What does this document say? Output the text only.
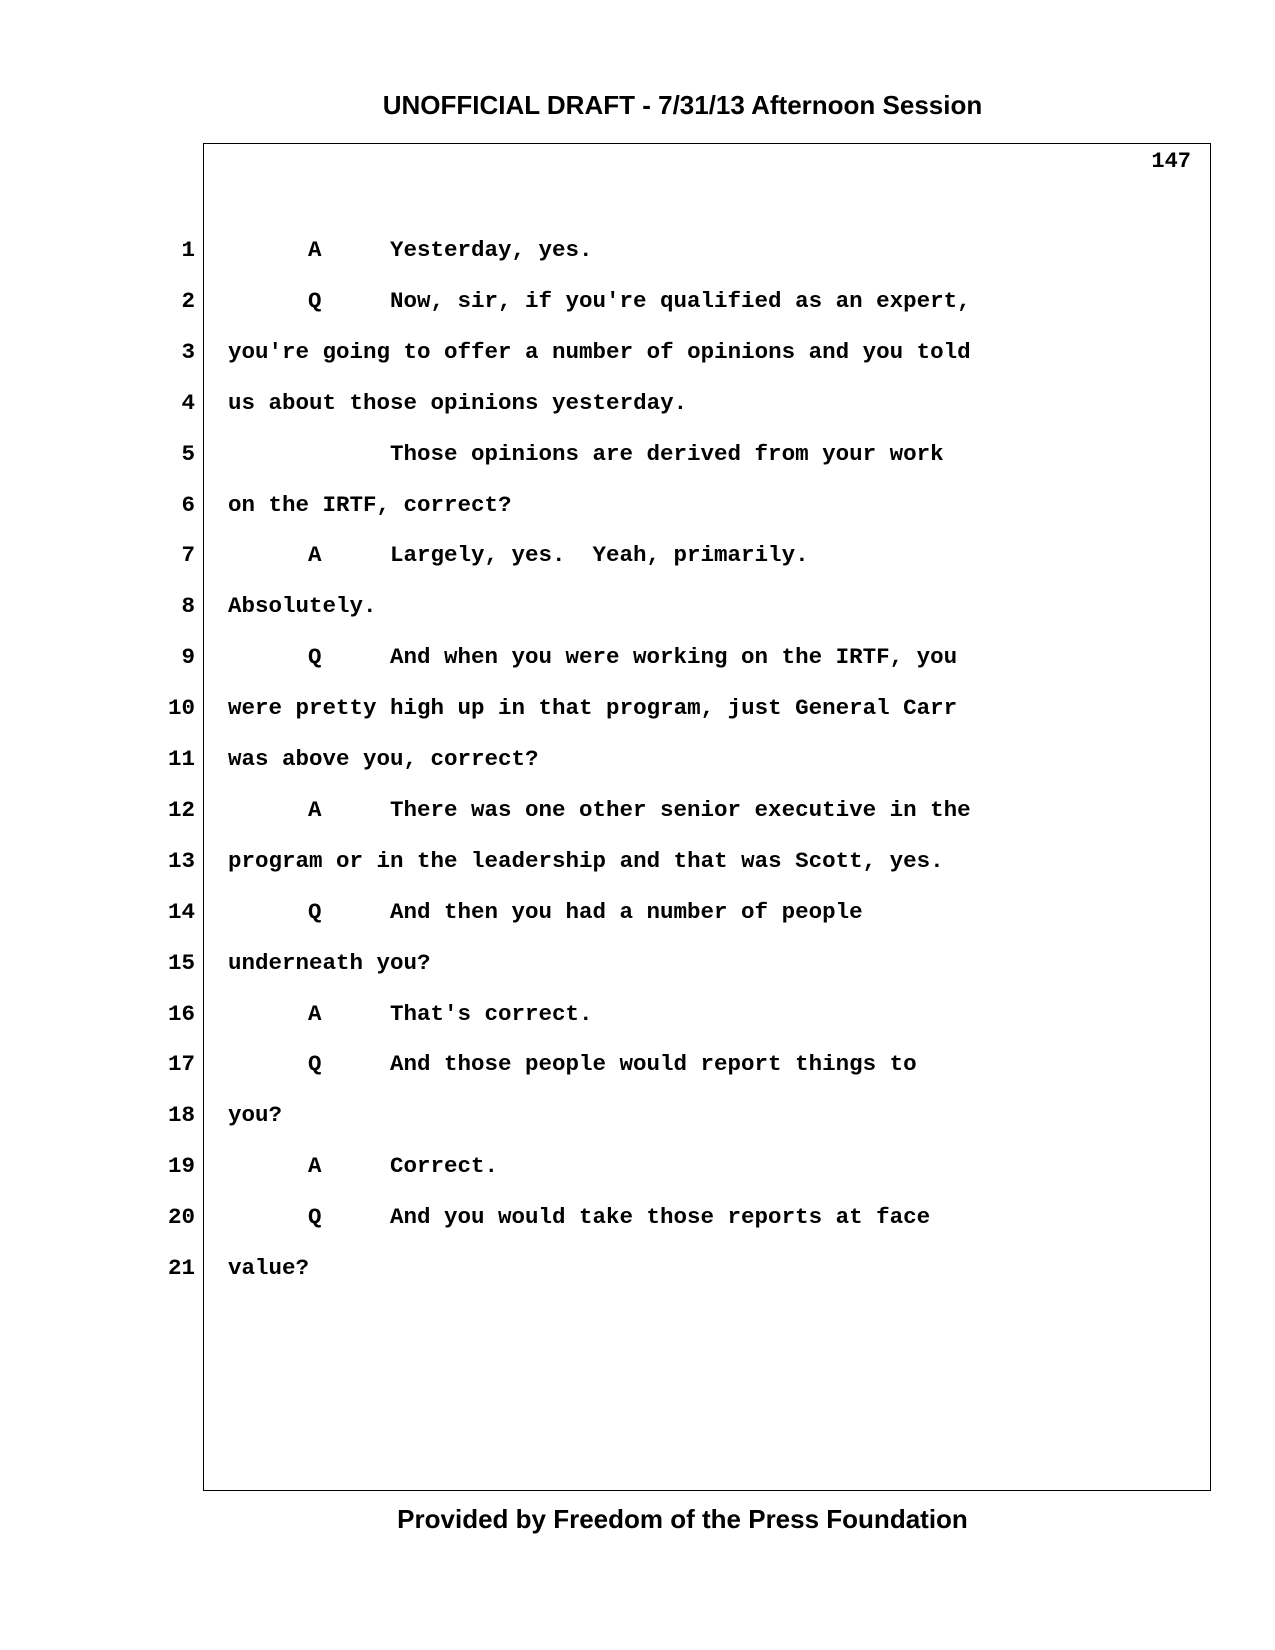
UNOFFICIAL DRAFT - 7/31/13 Afternoon Session
147
1	A	Yesterday, yes.
2	Q	Now, sir, if you're qualified as an expert,
3 you're going to offer a number of opinions and you told
4 us about those opinions yesterday.
5	Those opinions are derived from your work
6 on the IRTF, correct?
7	A	Largely, yes.  Yeah, primarily.
8 Absolutely.
9	Q	And when you were working on the IRTF, you
10 were pretty high up in that program, just General Carr
11 was above you, correct?
12	A	There was one other senior executive in the
13 program or in the leadership and that was Scott, yes.
14	Q	And then you had a number of people
15 underneath you?
16	A	That's correct.
17	Q	And those people would report things to
18 you?
19	A	Correct.
20	Q	And you would take those reports at face
21 value?
Provided by Freedom of the Press Foundation
